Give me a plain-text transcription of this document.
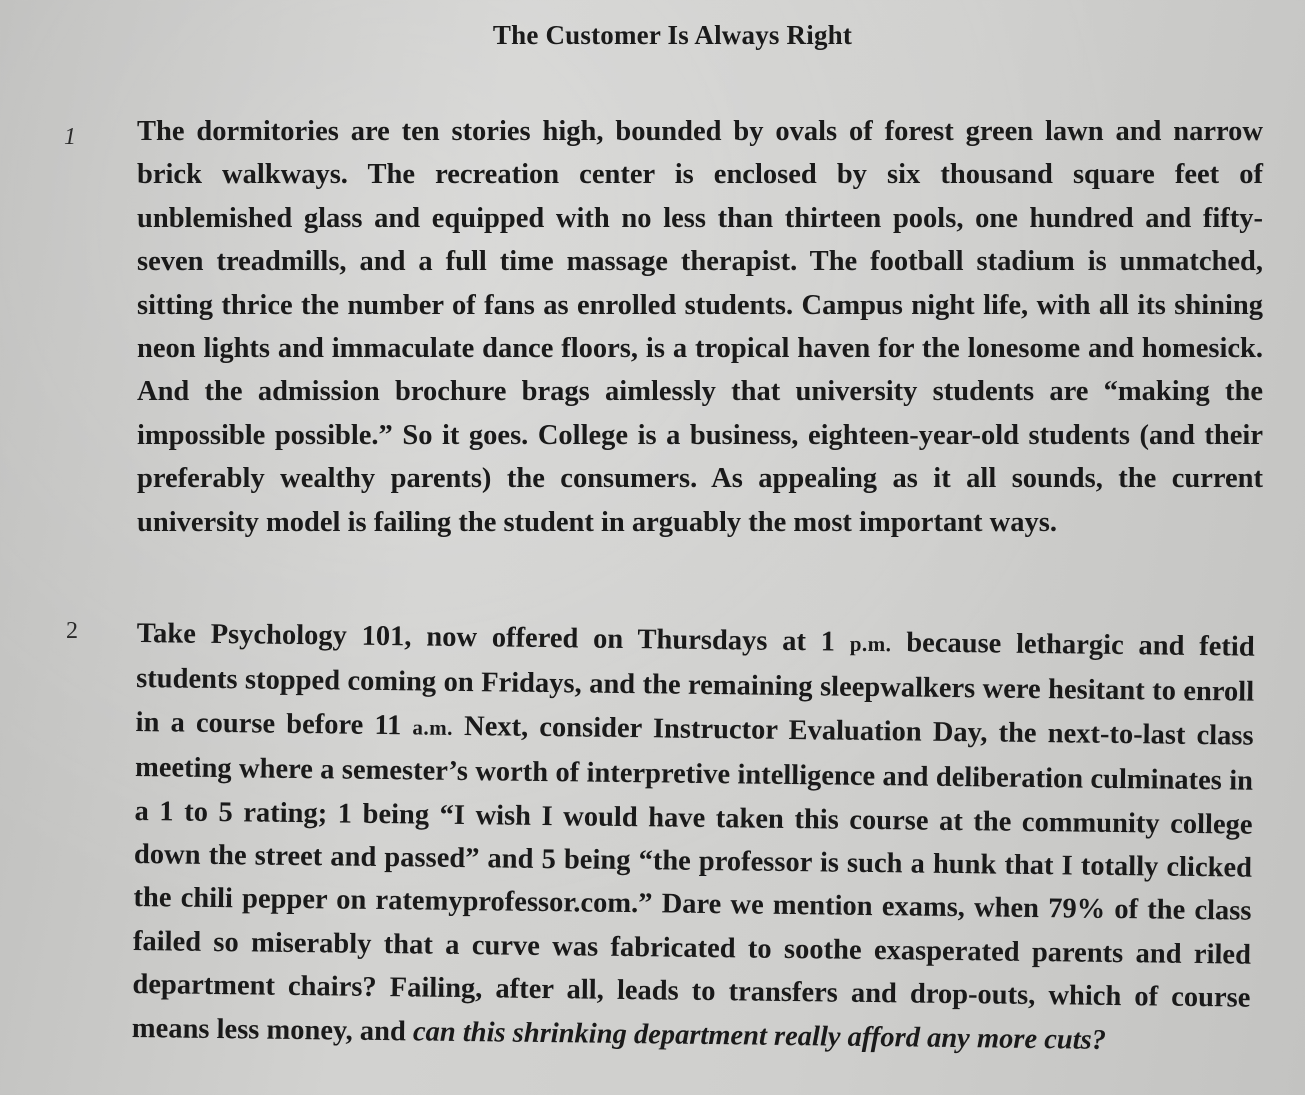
The Customer Is Always Right
1 The dormitories are ten stories high, bounded by ovals of forest green lawn and narrow brick walkways. The recreation center is enclosed by six thousand square feet of unblemished glass and equipped with no less than thirteen pools, one hundred and fifty-seven treadmills, and a full time massage therapist. The football stadium is unmatched, sitting thrice the number of fans as enrolled students. Campus night life, with all its shining neon lights and immaculate dance floors, is a tropical haven for the lonesome and homesick. And the admission brochure brags aimlessly that university students are “making the impossible possible.” So it goes. College is a business, eighteen-year-old students (and their preferably wealthy parents) the consumers. As appealing as it all sounds, the current university model is failing the student in arguably the most important ways.
2 Take Psychology 101, now offered on Thursdays at 1 p.m. because lethargic and fetid students stopped coming on Fridays, and the remaining sleepwalkers were hesitant to enroll in a course before 11 a.m. Next, consider Instructor Evaluation Day, the next-to-last class meeting where a semester’s worth of interpretive intelligence and deliberation culminates in a 1 to 5 rating; 1 being “I wish I would have taken this course at the community college down the street and passed” and 5 being “the professor is such a hunk that I totally clicked the chili pepper on ratemyprofessor.com.” Dare we mention exams, when 79% of the class failed so miserably that a curve was fabricated to soothe exasperated parents and riled department chairs? Failing, after all, leads to transfers and drop-outs, which of course means less money, and can this shrinking department really afford any more cuts?
